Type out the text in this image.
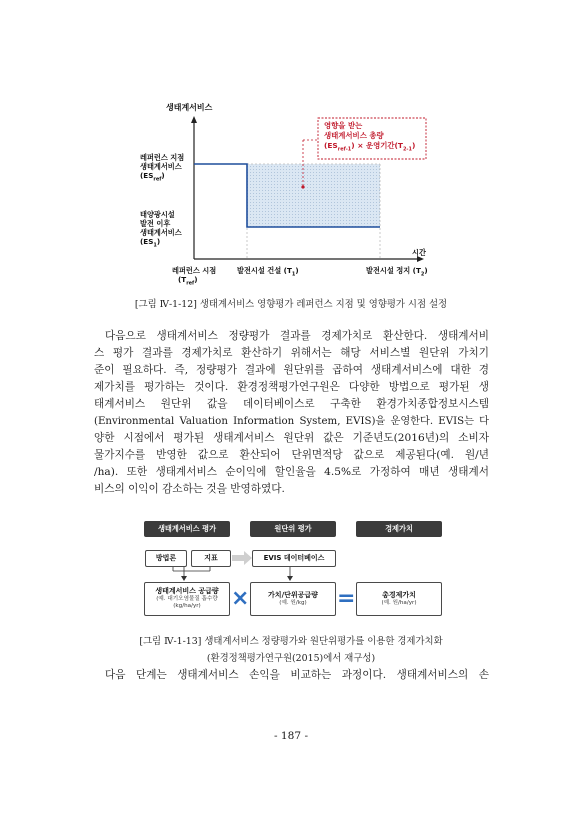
생태계서비스
레퍼런스 지점
생태계서비스
$(ES_{ref})$
태양광시설
발전 이후
생태계서비스
$(ES_1)$
시간
레퍼런스 시점
$(T_{ref})$
발전시설 건설 $(T_1)$	발전시설 정지 $(T_2)$
영향을 받는
생태계서비스 총량
$(ES_{ref-1})$ × 운영기간$(T_{2-1})$
[그림 Ⅳ-1-12] 생태계서비스 영향평가 레퍼런스 지점 및 영향평가 시점 설정
다음으로 생태계서비스 정량평가 결과를 경제가치로 환산한다. 생태계서비
스 평가 결과를 경제가치로 환산하기 위해서는 해당 서비스별 원단위 가치기
준이 필요하다. 즉, 정량평가 결과에 원단위를 곱하여 생태계서비스에 대한 경
제가치를 평가하는 것이다. 환경정책평가연구원은 다양한 방법으로 평가된 생
태계서비스 원단위 값을 데이터베이스로 구축한 환경가치종합정보시스템
(Environmental Valuation Information System, EVIS)을 운영한다. EVIS는 다
양한 시점에서 평가된 생태계서비스 원단위 값은 기준년도(2016년)의 소비자
물가지수를 반영한 값으로 환산되어 단위면적당 값으로 제공된다(예. 원/년
/ha). 또한 생태계서비스 순이익에 할인율을 4.5%로 가정하여 매년 생태계서
비스의 이익이 감소하는 것을 반영하였다.
생태계서비스 평가	원단위 평가	경제가치
방법론	지표	EVIS 데이터베이스
생태계서비스 공급량
(예. 대기오염물질 흡수량
(kg/ha/yr)	×	가치/단위공급량
(예. 원/kg)	=	총경제가치
(예. 원/ha/yr)
[그림 Ⅳ-1-13] 생태계서비스 정량평가와 원단위평가를 이용한 경제가치화
(환경정책평가연구원(2015)에서 재구성)
다음 단계는 생태계서비스 손익을 비교하는 과정이다. 생태계서비스의 손
- 187 -
